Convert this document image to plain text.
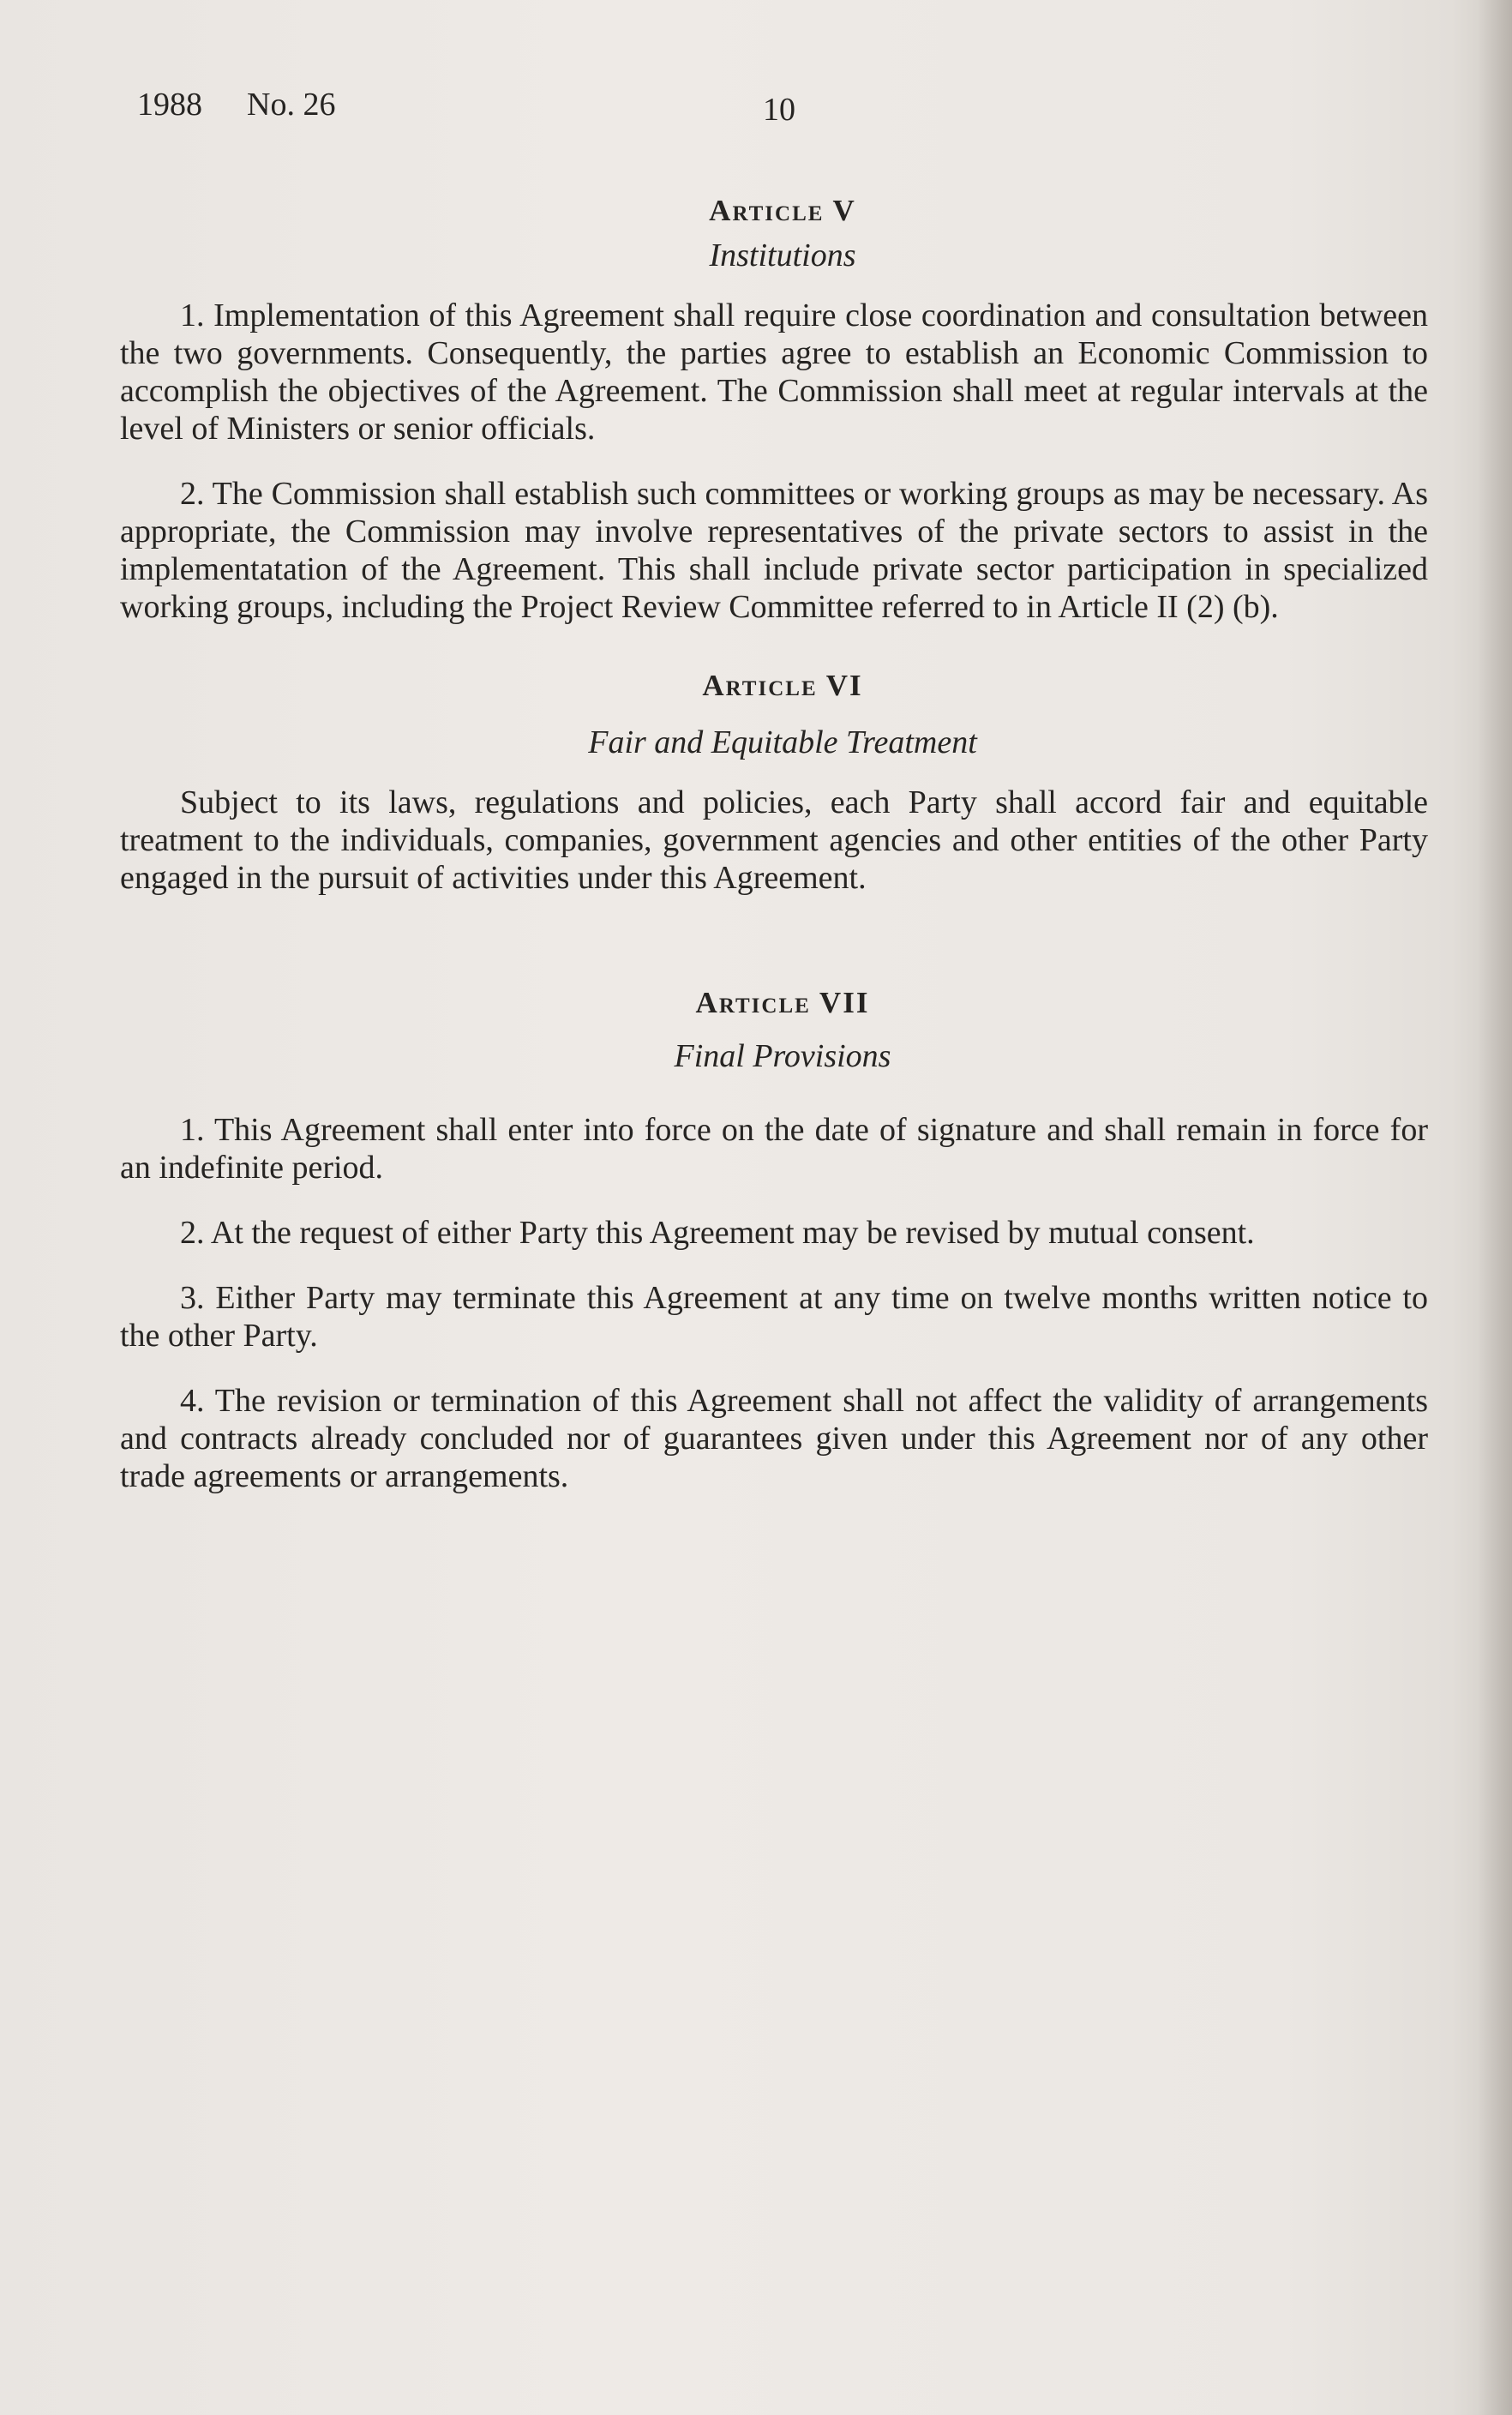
1988 No. 26	10
Article V
Institutions

1. Implementation of this Agreement shall require close coordination and consultation between the two governments. Consequently, the parties agree to establish an Economic Commission to accomplish the objectives of the Agreement. The Commission shall meet at regular intervals at the level of Ministers or senior officials.

2. The Commission shall establish such committees or working groups as may be necessary. As appropriate, the Commission may involve representatives of the private sectors to assist in the implementatation of the Agreement. This shall include private sector participation in specialized working groups, including the Project Review Committee referred to in Article II (2) (b).

Article VI
Fair and Equitable Treatment

Subject to its laws, regulations and policies, each Party shall accord fair and equitable treatment to the individuals, companies, government agencies and other entities of the other Party engaged in the pursuit of activities under this Agreement.

Article VII
Final Provisions

1. This Agreement shall enter into force on the date of signature and shall remain in force for an indefinite period.

2. At the request of either Party this Agreement may be revised by mutual consent.

3. Either Party may terminate this Agreement at any time on twelve months written notice to the other Party.

4. The revision or termination of this Agreement shall not affect the validity of arrangements and contracts already concluded nor of guarantees given under this Agreement nor of any other trade agreements or arrangements.
